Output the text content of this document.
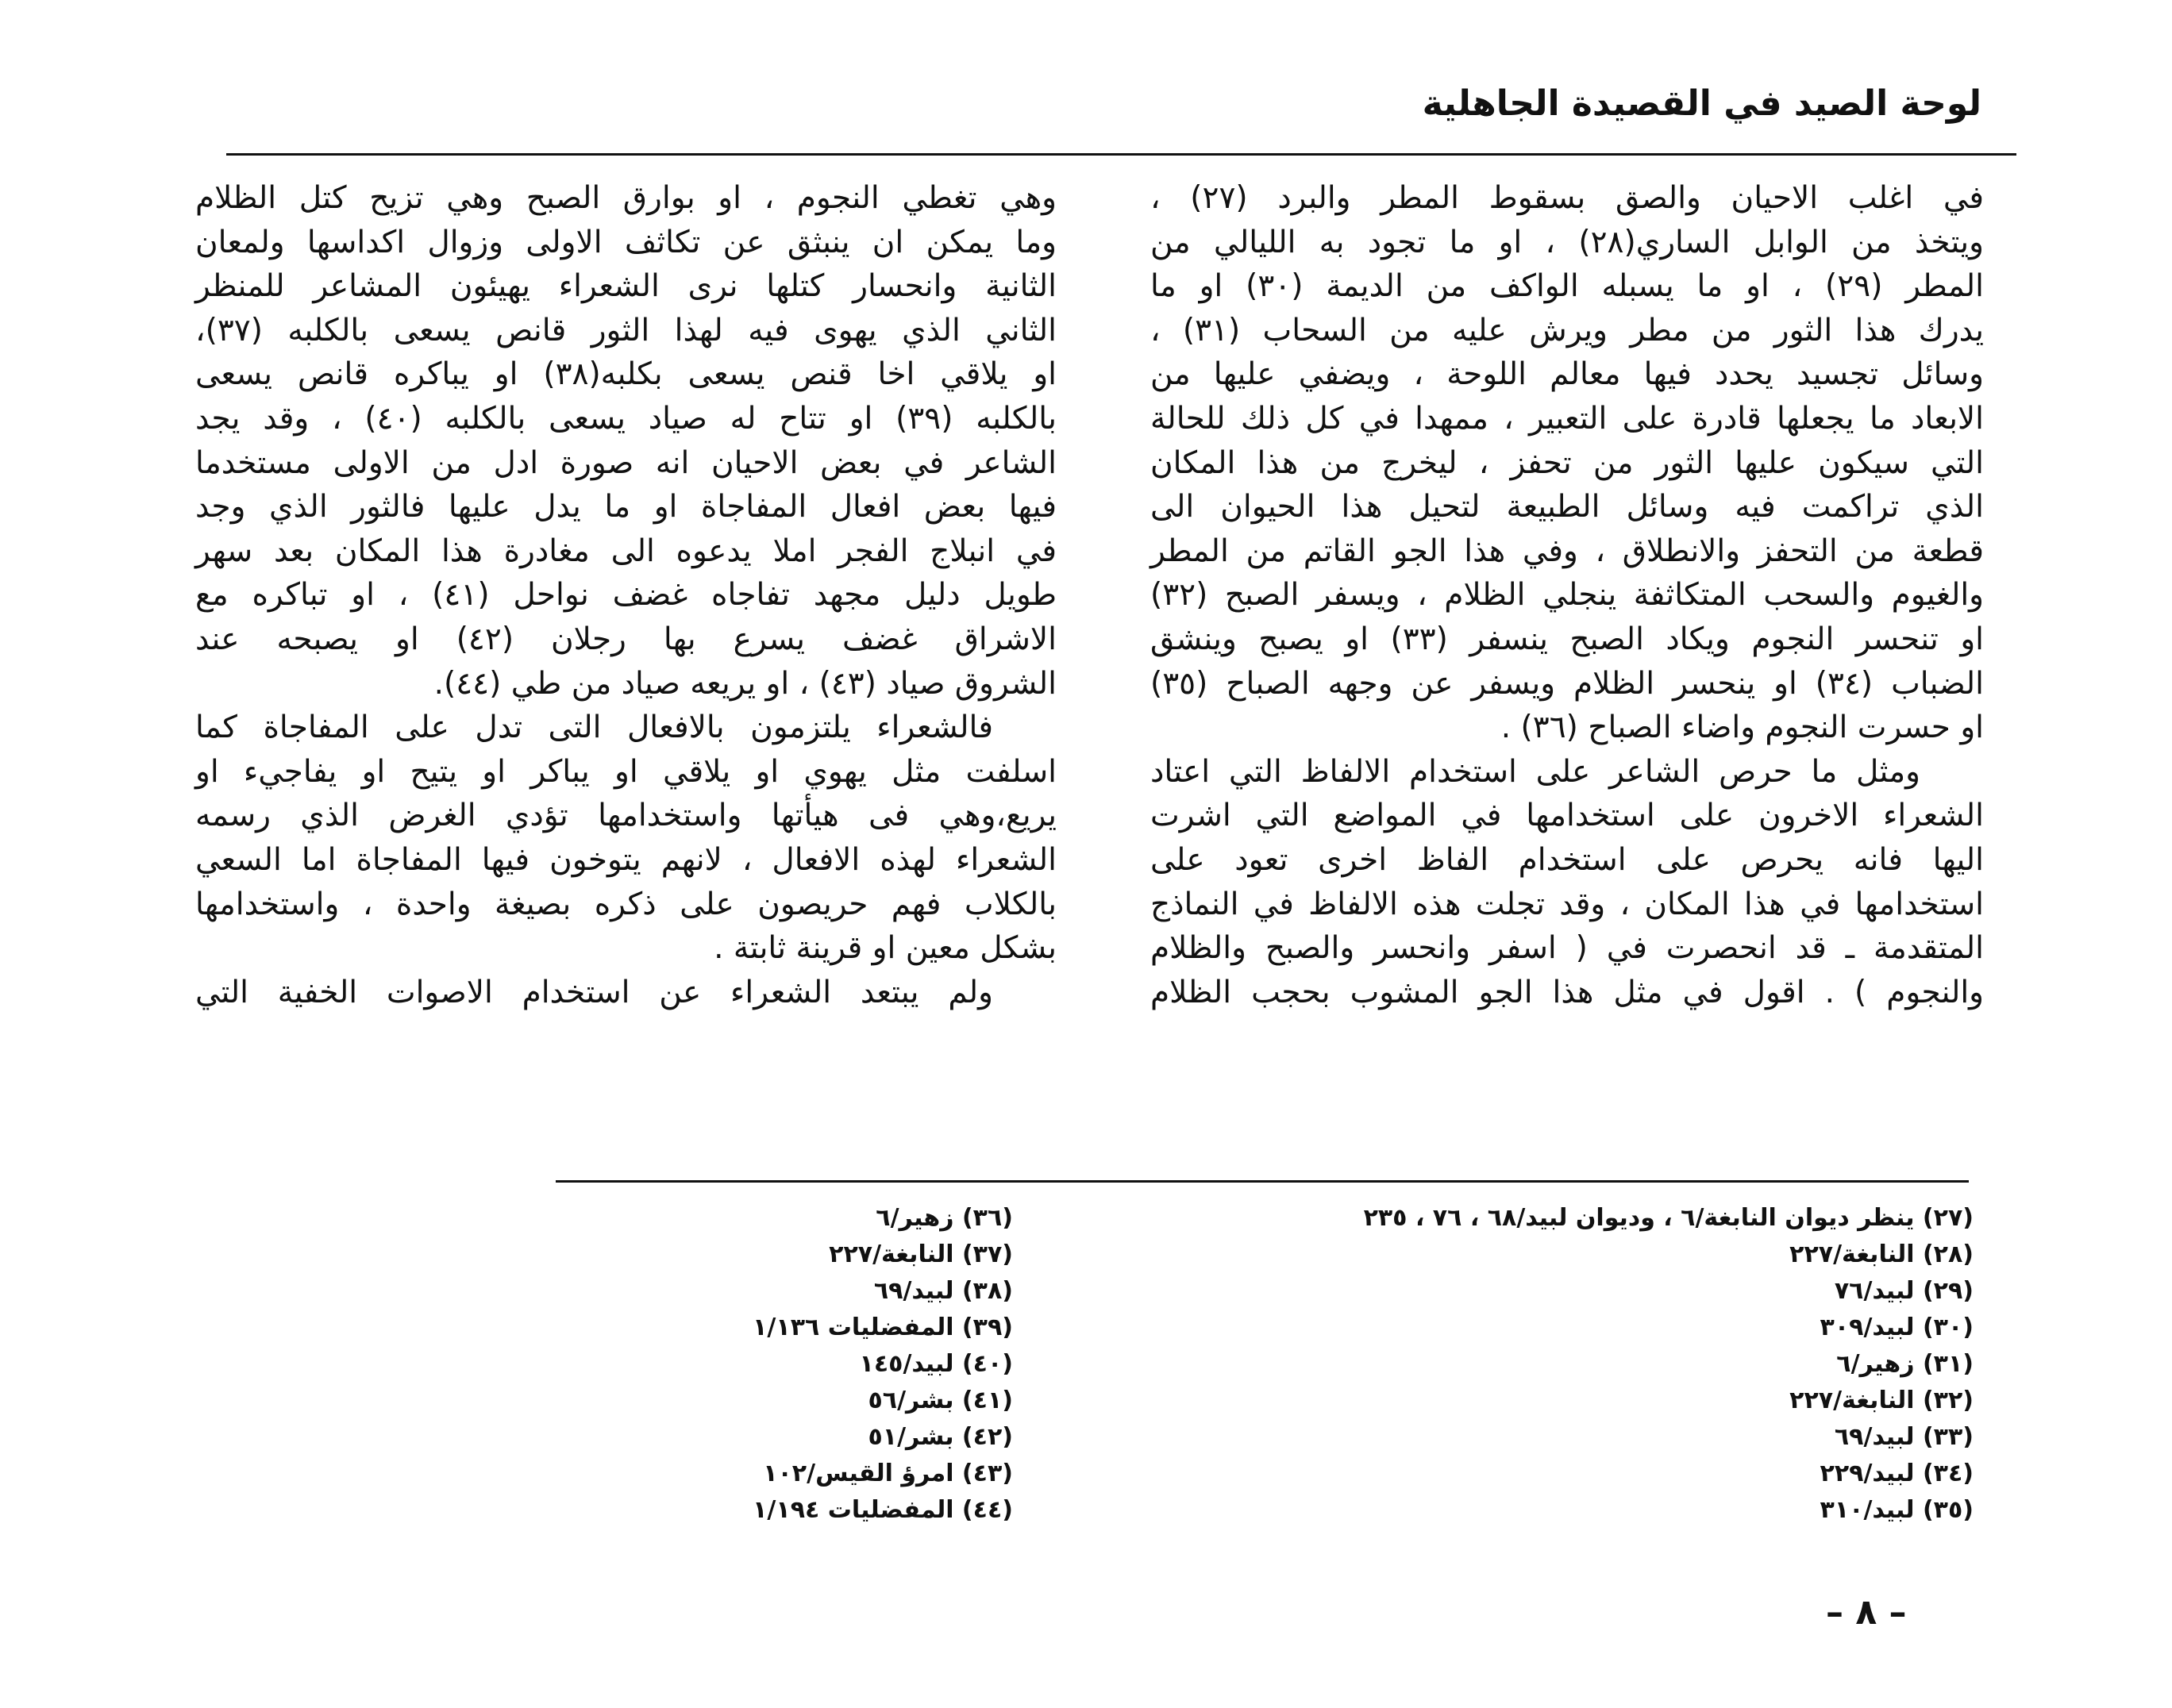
لوحة الصيد في القصيدة الجاهلية
في اغلب الاحيان والصق بسقوط المطر والبرد (٢٧) ،
ويتخذ من الوابل الساري(٢٨) ، او ما تجود به الليالي من
المطر (٢٩) ، او ما يسبله الواكف من الديمة (٣٠) او ما
يدرك هذا الثور من مطر ويرش عليه من السحاب (٣١) ،
وسائل تجسيد يحدد فيها معالم اللوحة ، ويضفي عليها من
الابعاد ما يجعلها قادرة على التعبير ، ممهدا في كل ذلك للحالة
التي سيكون عليها الثور من تحفز ، ليخرج من هذا المكان
الذي تراكمت فيه وسائل الطبيعة لتحيل هذا الحيوان الى
قطعة من التحفز والانطلاق ، وفي هذا الجو القاتم من المطر
والغيوم والسحب المتكاثفة ينجلي الظلام ، ويسفر الصبح (٣٢)
او تنحسر النجوم ويكاد الصبح ينسفر (٣٣) او يصبح وينشق
الضباب (٣٤) او ينحسر الظلام ويسفر عن وجهه الصباح (٣٥)
او حسرت النجوم واضاء الصباح (٣٦) .
ومثل ما حرص الشاعر على استخدام الالفاظ التي اعتاد
الشعراء الاخرون على استخدامها في المواضع التي اشرت
اليها فانه يحرص على استخدام الفاظ اخرى تعود على
استخدامها في هذا المكان ، وقد تجلت هذه الالفاظ في النماذج
المتقدمة ـ قد انحصرت في ( اسفر وانحسر والصبح والظلام
والنجوم ) . اقول في مثل هذا الجو المشوب بحجب الظلام
وهي تغطي النجوم ، او بوارق الصبح وهي تزيح كتل الظلام
وما يمكن ان ينبثق عن تكاثف الاولى وزوال اكداسها ولمعان
الثانية وانحسار كتلها نرى الشعراء يهيئون المشاعر للمنظر
الثاني الذي يهوى فيه لهذا الثور قانص يسعى بالكلبه (٣٧)،
او يلاقي اخا قنص يسعى بكلبه(٣٨) او يباكره قانص يسعى
بالكلبه (٣٩) او تتاح له صياد يسعى بالكلبه (٤٠) ، وقد يجد
الشاعر في بعض الاحيان انه صورة ادل من الاولى مستخدما
فيها بعض افعال المفاجاة او ما يدل عليها فالثور الذي وجد
في انبلاج الفجر املا يدعوه الى مغادرة هذا المكان بعد سهر
طويل دليل مجهد تفاجاه غضف نواحل (٤١) ، او تباكره مع
الاشراق غضف يسرع بها رجلان (٤٢) او يصبحه عند
الشروق صياد (٤٣) ، او يريعه صياد من طي (٤٤).
فالشعراء يلتزمون بالافعال التى تدل على المفاجاة كما
اسلفت مثل يهوي او يلاقي او يباكر او يتيح او يفاجيء او
يريع،وهي فى هيأتها واستخدامها تؤدي الغرض الذي رسمه
الشعراء لهذه الافعال ، لانهم يتوخون فيها المفاجاة اما السعي
بالكلاب فهم حريصون على ذكره بصيغة واحدة ، واستخدامها
بشكل معين او قرينة ثابتة .
ولم يبتعد الشعراء عن استخدام الاصوات الخفية التي
(٢٧) ينظر ديوان النابغة/٦ ، وديوان لبيد/٦٨ ، ٧٦ ، ٢٣٥
(٢٨) النابغة/٢٢٧
(٢٩) لبيد/٧٦
(٣٠) لبيد/٣٠٩
(٣١) زهير/٦
(٣٢) النابغة/٢٢٧
(٣٣) لبيد/٦٩
(٣٤) لبيد/٢٢٩
(٣٥) لبيد/٣١٠
(٣٦) زهير/٦
(٣٧) النابغة/٢٢٧
(٣٨) لبيد/٦٩
(٣٩) المفضليات ١/١٣٦
(٤٠) لبيد/١٤٥
(٤١) بشر/٥٦
(٤٢) بشر/٥١
(٤٣) امرؤ القيس/١٠٢
(٤٤) المفضليات ١/١٩٤
– ٨ –
